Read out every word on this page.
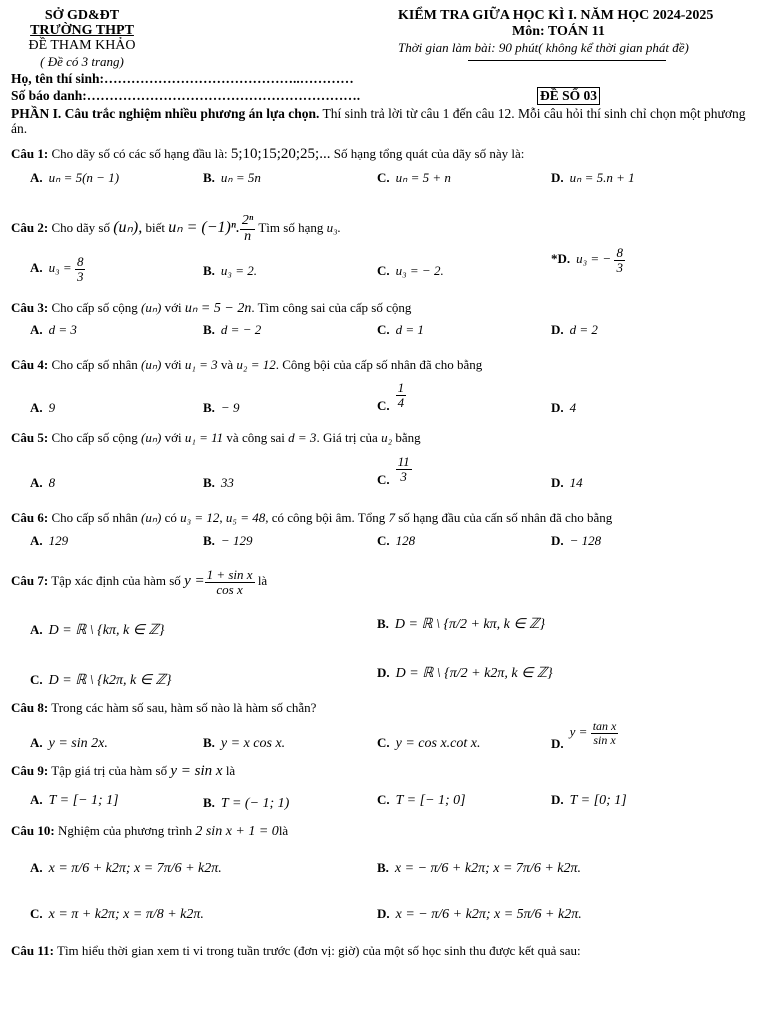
SỞ GD&ĐT
TRƯỜNG THPT
ĐỀ THAM KHẢO
( Đề có 3 trang)
KIỂM TRA GIỮA HỌC KÌ I. NĂM HỌC 2024-2025
Môn: TOÁN 11
Thời gian làm bài: 90 phút( không kể thời gian phát đề)
Họ, tên thí sinh:……………………………………..…………
Số báo danh:…………………………………………………….	ĐỀ SỐ 03
PHẦN I. Câu trắc nghiệm nhiều phương án lựa chọn. Thí sinh trả lời từ câu 1 đến câu 12. Mỗi câu hỏi thí sinh chỉ chọn một phương án.
Câu 1: Cho dãy số có các số hạng đầu là: 5;10;15;20;25;... Số hạng tổng quát của dãy số này là:
A. uₙ = 5(n − 1)	B. uₙ = 5n	C. uₙ = 5 + n	D. uₙ = 5.n + 1
Câu 2: Cho dãy số (uₙ), biết uₙ = (−1)ⁿ. $\frac{\text{2ⁿ}}{n}$ Tìm số hạng u₃.
A. $u_3 = \frac{8}{3}$	B. u₃ = 2.	C. u₃ = − 2.
*D. u₃ = − $\frac{8}{3}$
Câu 3: Cho cấp số cộng (uₙ) với uₙ = 5 − 2n. Tìm công sai của cấp số cộng
A. d = 3	B. d = − 2	C. d = 1	D. d = 2
Câu 4: Cho cấp số nhân (uₙ) với u₁ = 3 và u₂ = 12. Công bội của cấp số nhân đã cho bằng
A. 9	B. − 9	C. $\frac{1}{4}$	D. 4
Câu 5: Cho cấp số cộng (uₙ) với u₁ = 11 và công sai d = 3. Giá trị của u₂ bằng
A. 8	B. 33	C. $\frac{11}{3}$	D. 14
Câu 6: Cho cấp số nhân (uₙ) có u₃ = 12, u₅ = 48, có công bội âm. Tổng 7 số hạng đầu của cấn số nhân đã cho bằng
A. 129	B. − 129	C. 128	D. − 128
Câu 7: Tập xác định của hàm số $y = \frac{\text{1 + sin x}}{\text{cos x}}$ là
A. D = ℝ \ {kπ, k ∈ ℤ}	B. D = ℝ \ {π/2 + kπ, k ∈ ℤ}
C. D = ℝ \ {k2π, k ∈ ℤ}
D. D = ℝ \ {π/2 + k2π, k ∈ ℤ}
Câu 8: Trong các hàm số sau, hàm số nào là hàm số chẵn?
A. y = sin 2x.	B. y = x cos x.	C. y = cos x.cot x.	$D.y = \frac{\text{tan x}}{\text{sin x}}$
Câu 9: Tập giá trị của hàm số y = sin x là
A. T = [− 1; 1]	B. T = (− 1; 1)	C. T = [− 1; 0]	D. T = [0; 1]
Câu 10: Nghiệm của phương trình 2 sin x + 1 = 0là
A. x = π/6 + k2π; x = 7π/6 + k2π.	B. x = − π/6 + k2π; x = 7π/6 + k2π.
C. x = π + k2π; x = π/8 + k2π.	D. x = − π/6 + k2π; x = 5π/6 + k2π.
Câu 11: Tìm hiểu thời gian xem ti vi trong tuần trước (đơn vị: giờ) của một số học sinh thu được kết quả sau:
